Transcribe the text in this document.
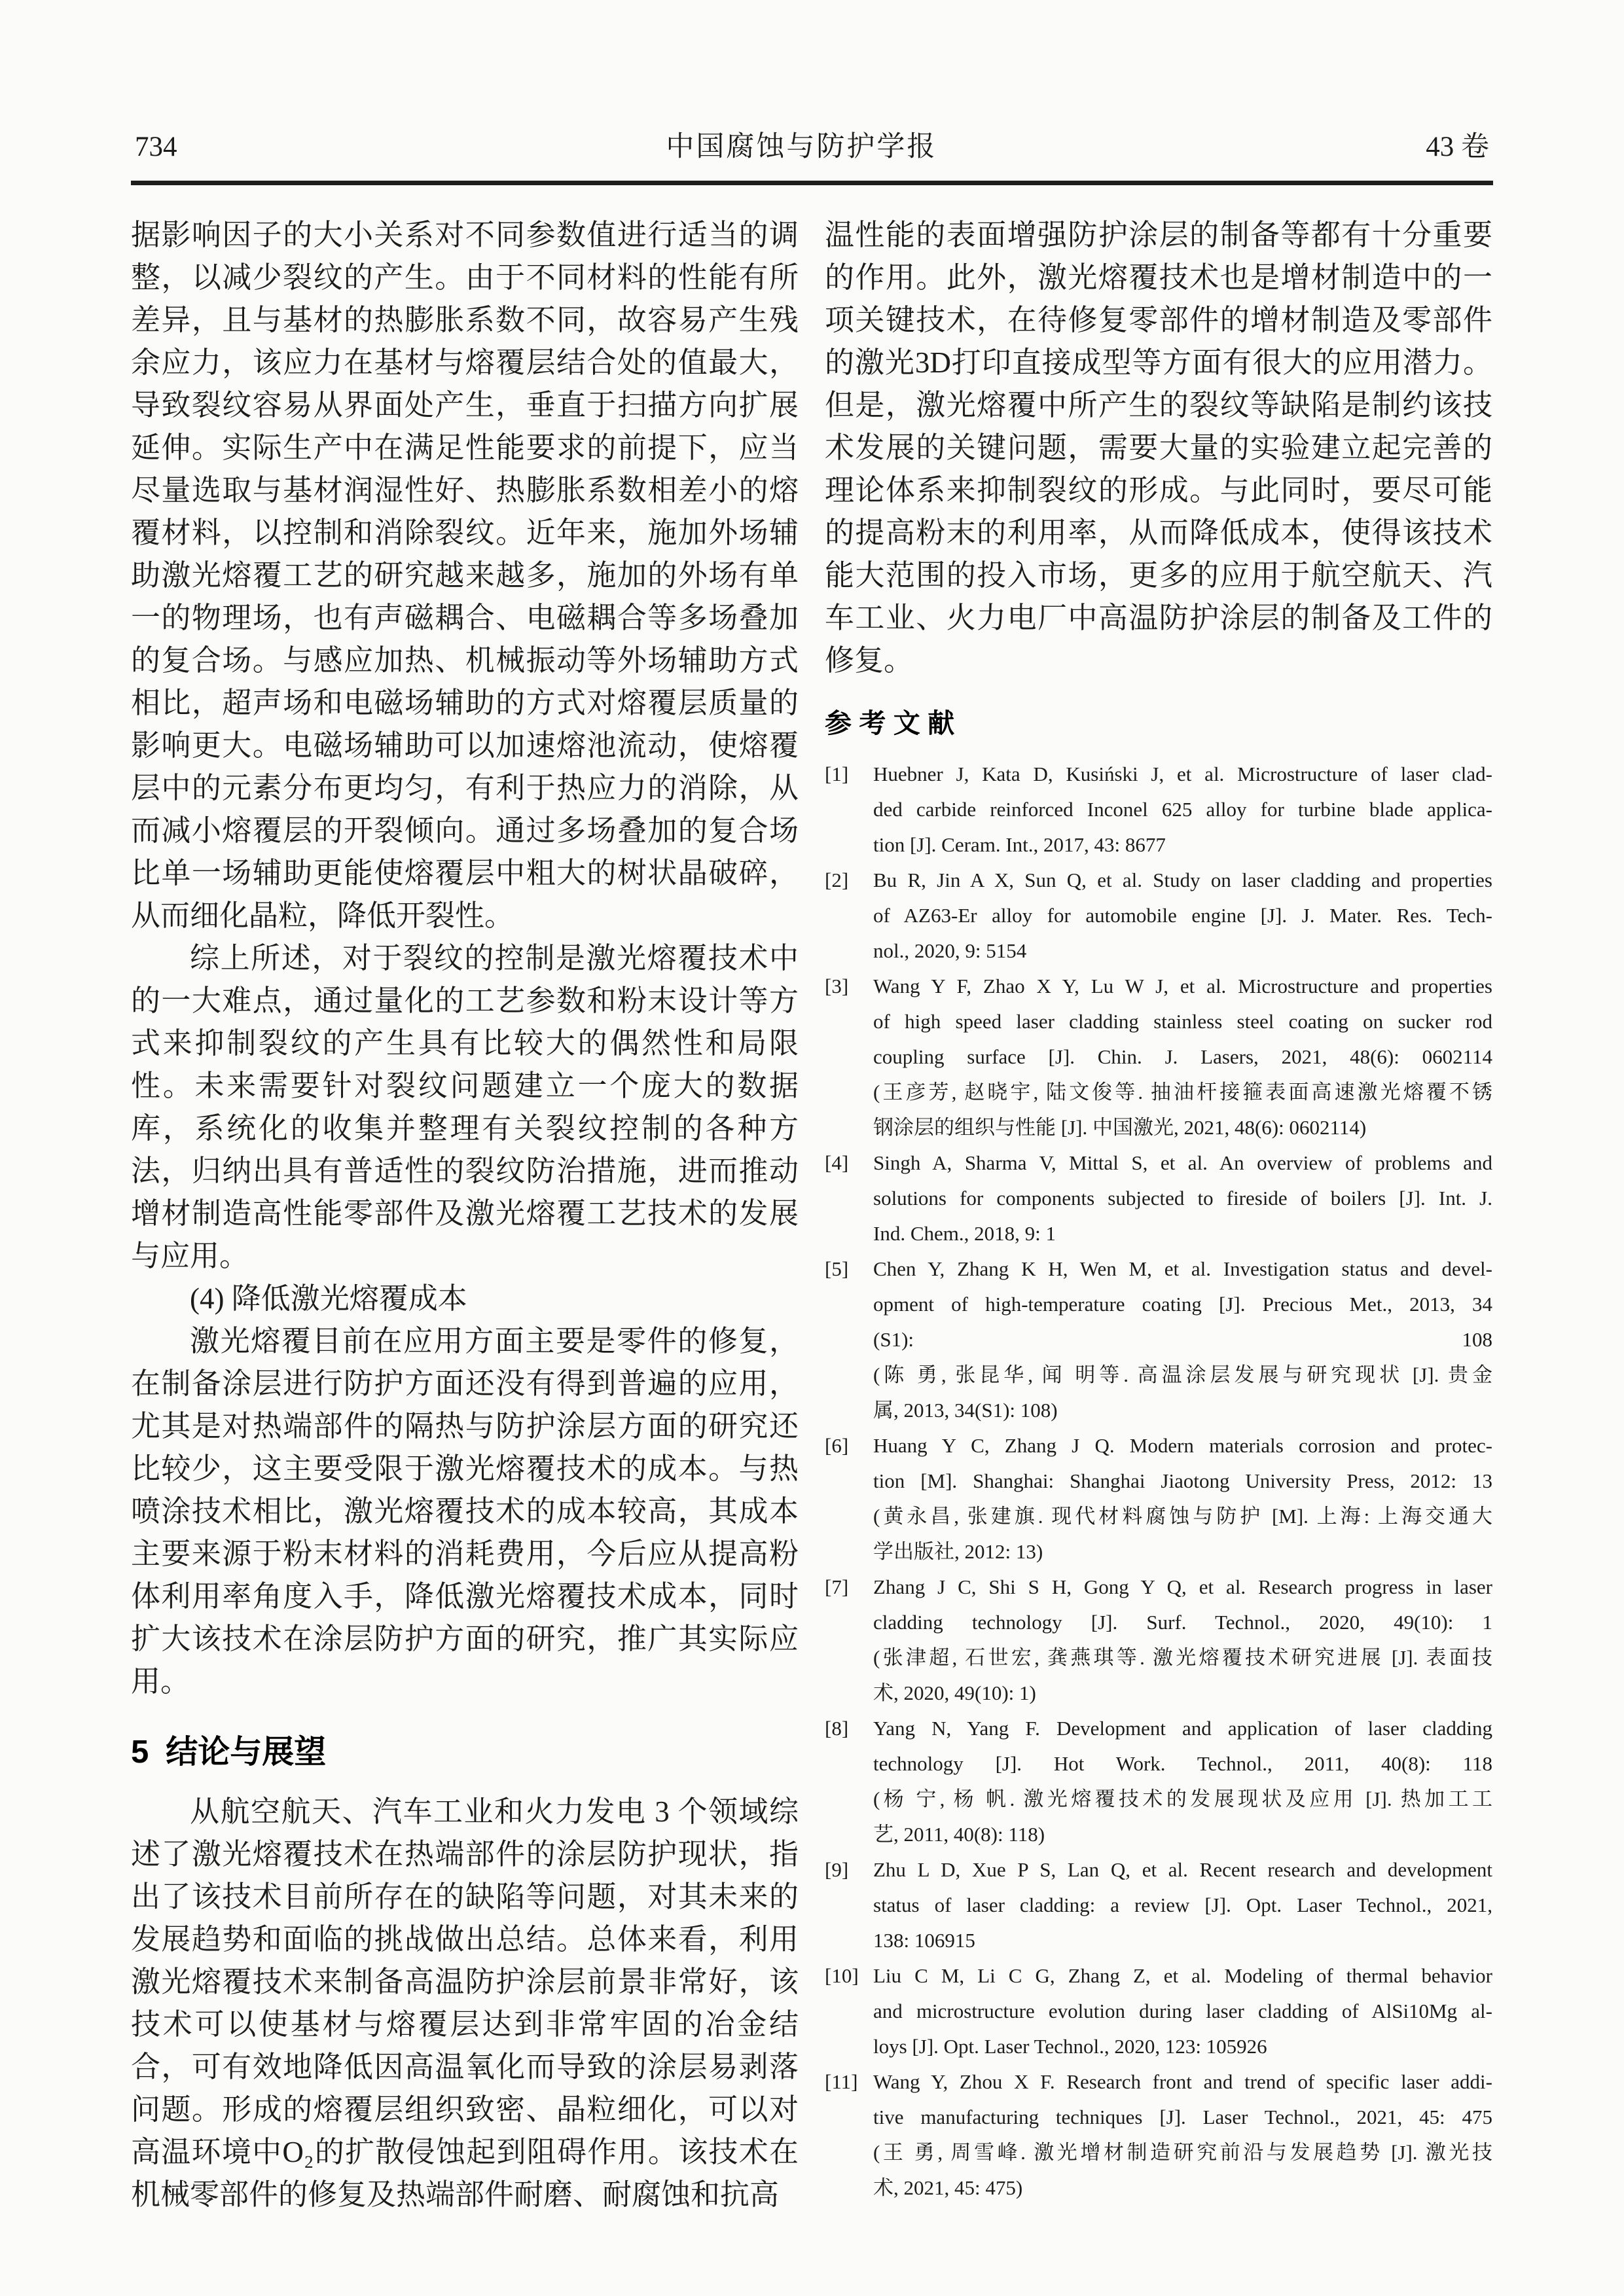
734	中国腐蚀与防护学报	43 卷

据影响因子的大小关系对不同参数值进行适当的调整，以减少裂纹的产生。由于不同材料的性能有所差异，且与基材的热膨胀系数不同，故容易产生残余应力，该应力在基材与熔覆层结合处的值最大，导致裂纹容易从界面处产生，垂直于扫描方向扩展延伸。实际生产中在满足性能要求的前提下，应当尽量选取与基材润湿性好、热膨胀系数相差小的熔覆材料，以控制和消除裂纹。近年来，施加外场辅助激光熔覆工艺的研究越来越多，施加的外场有单一的物理场，也有声磁耦合、电磁耦合等多场叠加的复合场。与感应加热、机械振动等外场辅助方式相比，超声场和电磁场辅助的方式对熔覆层质量的影响更大。电磁场辅助可以加速熔池流动，使熔覆层中的元素分布更均匀，有利于热应力的消除，从而减小熔覆层的开裂倾向。通过多场叠加的复合场比单一场辅助更能使熔覆层中粗大的树状晶破碎，从而细化晶粒，降低开裂性。

综上所述，对于裂纹的控制是激光熔覆技术中的一大难点，通过量化的工艺参数和粉末设计等方式来抑制裂纹的产生具有比较大的偶然性和局限性。未来需要针对裂纹问题建立一个庞大的数据库，系统化的收集并整理有关裂纹控制的各种方法，归纳出具有普适性的裂纹防治措施，进而推动增材制造高性能零部件及激光熔覆工艺技术的发展与应用。

(4) 降低激光熔覆成本

激光熔覆目前在应用方面主要是零件的修复，在制备涂层进行防护方面还没有得到普遍的应用，尤其是对热端部件的隔热与防护涂层方面的研究还比较少，这主要受限于激光熔覆技术的成本。与热喷涂技术相比，激光熔覆技术的成本较高，其成本主要来源于粉末材料的消耗费用，今后应从提高粉体利用率角度入手，降低激光熔覆技术成本，同时扩大该技术在涂层防护方面的研究，推广其实际应用。

5 结论与展望

从航空航天、汽车工业和火力发电 3 个领域综述了激光熔覆技术在热端部件的涂层防护现状，指出了该技术目前所存在的缺陷等问题，对其未来的发展趋势和面临的挑战做出总结。总体来看，利用激光熔覆技术来制备高温防护涂层前景非常好，该技术可以使基材与熔覆层达到非常牢固的冶金结合，可有效地降低因高温氧化而导致的涂层易剥落问题。形成的熔覆层组织致密、晶粒细化，可以对高温环境中O₂的扩散侵蚀起到阻碍作用。该技术在机械零部件的修复及热端部件耐磨、耐腐蚀和抗高

温性能的表面增强防护涂层的制备等都有十分重要的作用。此外，激光熔覆技术也是增材制造中的一项关键技术，在待修复零部件的增材制造及零部件的激光3D打印直接成型等方面有很大的应用潜力。但是，激光熔覆中所产生的裂纹等缺陷是制约该技术发展的关键问题，需要大量的实验建立起完善的理论体系来抑制裂纹的形成。与此同时，要尽可能的提高粉末的利用率，从而降低成本，使得该技术能大范围的投入市场，更多的应用于航空航天、汽车工业、火力电厂中高温防护涂层的制备及工件的修复。

参 考 文 献
[1] Huebner J, Kata D, Kusiński J, et al. Microstructure of laser clad-
ded carbide reinforced Inconel 625 alloy for turbine blade applica-
tion [J]. Ceram. Int., 2017, 43: 8677
[2] Bu R, Jin A X, Sun Q, et al. Study on laser cladding and properties
of AZ63-Er alloy for automobile engine [J]. J. Mater. Res. Tech-
nol., 2020, 9: 5154
[3] Wang Y F, Zhao X Y, Lu W J, et al. Microstructure and properties
of high speed laser cladding stainless steel coating on sucker rod
coupling surface [J]. Chin. J. Lasers, 2021, 48(6): 0602114
(王彦芳, 赵晓宇, 陆文俊等. 抽油杆接箍表面高速激光熔覆不锈
钢涂层的组织与性能 [J]. 中国激光, 2021, 48(6): 0602114)
[4] Singh A, Sharma V, Mittal S, et al. An overview of problems and
solutions for components subjected to fireside of boilers [J]. Int. J.
Ind. Chem., 2018, 9: 1
[5] Chen Y, Zhang K H, Wen M, et al. Investigation status and devel-
opment of high-temperature coating [J]. Precious Met., 2013, 34
(S1): 108
(陈 勇, 张昆华, 闻 明等. 高温涂层发展与研究现状 [J]. 贵金
属, 2013, 34(S1): 108)
[6] Huang Y C, Zhang J Q. Modern materials corrosion and protec-
tion [M]. Shanghai: Shanghai Jiaotong University Press, 2012: 13
(黄永昌, 张建旗. 现代材料腐蚀与防护 [M]. 上海: 上海交通大
学出版社, 2012: 13)
[7] Zhang J C, Shi S H, Gong Y Q, et al. Research progress in laser
cladding technology [J]. Surf. Technol., 2020, 49(10): 1
(张津超, 石世宏, 龚燕琪等. 激光熔覆技术研究进展 [J]. 表面技
术, 2020, 49(10): 1)
[8] Yang N, Yang F. Development and application of laser cladding
technology [J]. Hot Work. Technol., 2011, 40(8): 118
(杨 宁, 杨 帆. 激光熔覆技术的发展现状及应用 [J]. 热加工工
艺, 2011, 40(8): 118)
[9] Zhu L D, Xue P S, Lan Q, et al. Recent research and development
status of laser cladding: a review [J]. Opt. Laser Technol., 2021,
138: 106915
[10] Liu C M, Li C G, Zhang Z, et al. Modeling of thermal behavior
and microstructure evolution during laser cladding of AlSi10Mg al-
loys [J]. Opt. Laser Technol., 2020, 123: 105926
[11] Wang Y, Zhou X F. Research front and trend of specific laser addi-
tive manufacturing techniques [J]. Laser Technol., 2021, 45: 475
(王 勇, 周雪峰. 激光增材制造研究前沿与发展趋势 [J]. 激光技
术, 2021, 45: 475)
